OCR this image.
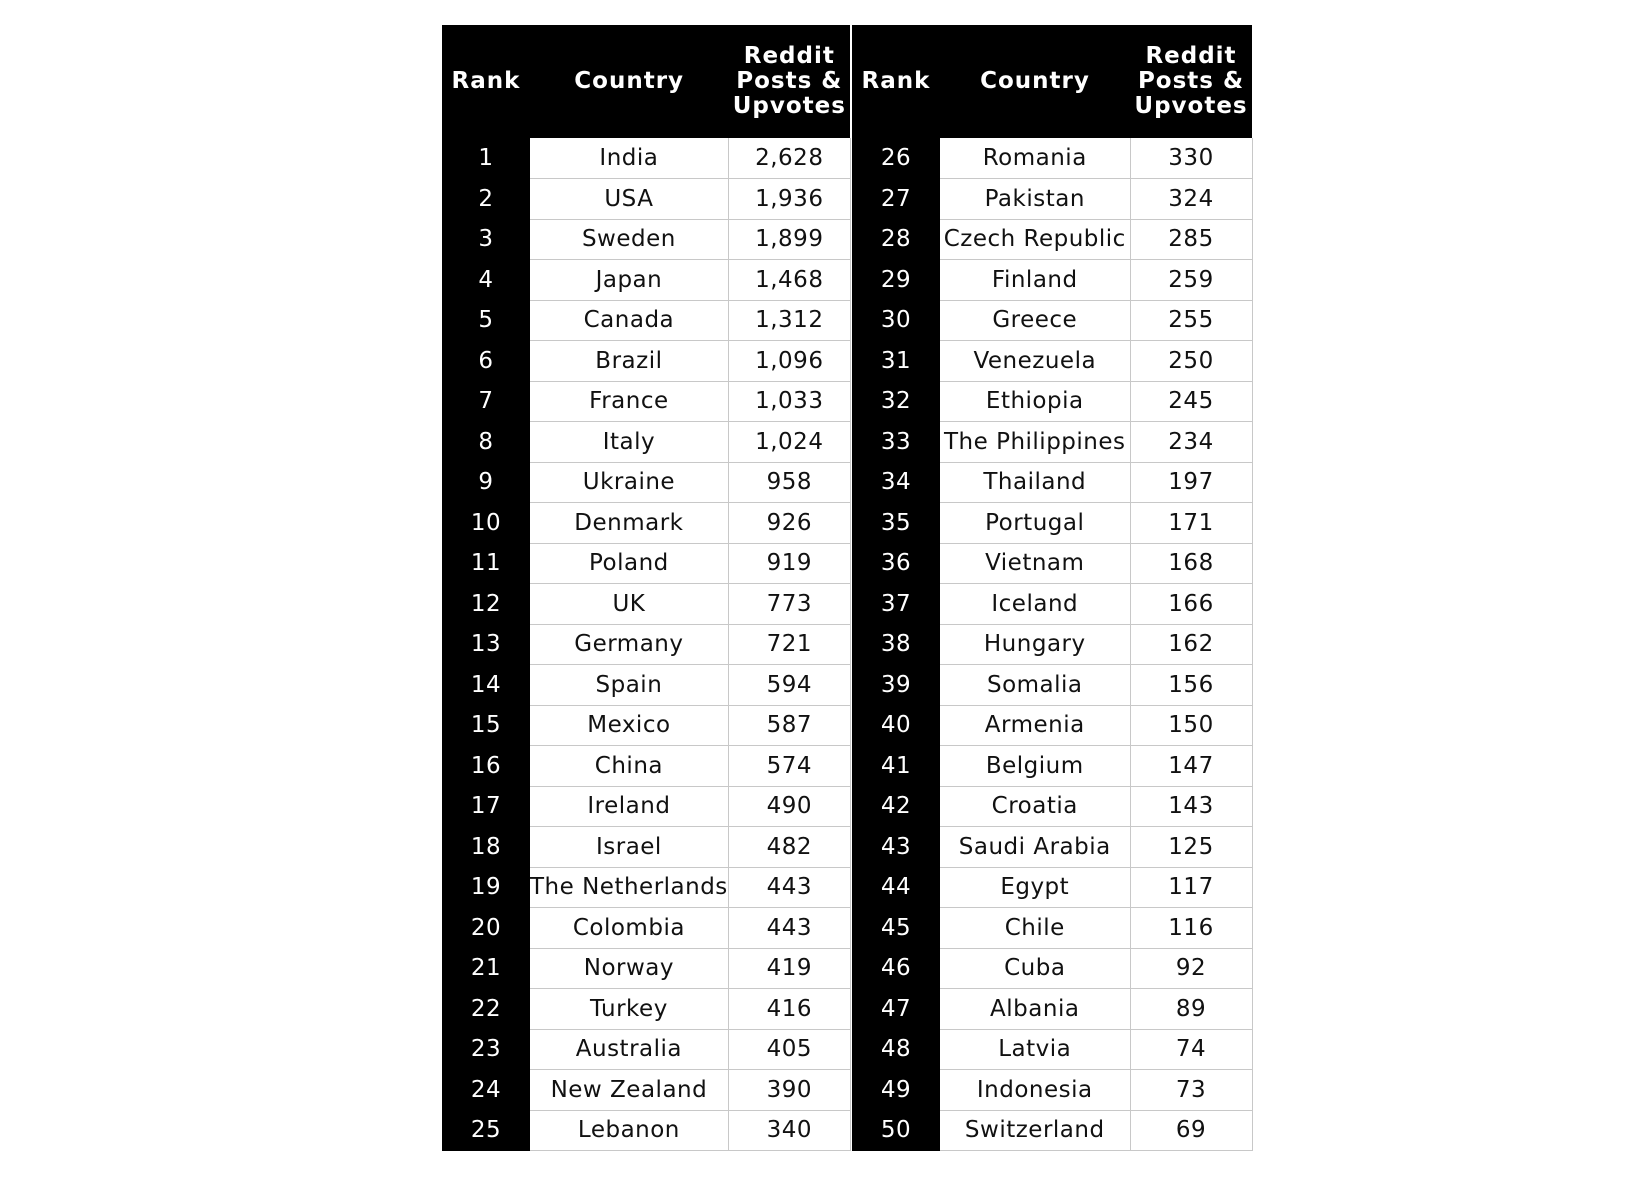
Rank	Country	Reddit
Posts &
Upvotes

1	India	2,628
2	USA	1,936
3	Sweden	1,899
4	Japan	1,468
5	Canada	1,312
6	Brazil	1,096
7	France	1,033
8	Italy	1,024
9	Ukraine	958
10	Denmark	926
11	Poland	919
12	UK	773
13	Germany	721
14	Spain	594
15	Mexico	587
16	China	574
17	Ireland	490
18	Israel	482
19	The Netherlands	443
20	Colombia	443
21	Norway	419
22	Turkey	416
23	Australia	405
24	New Zealand	390
25	Lebanon	340
Rank	Country	Reddit
Posts &
Upvotes

26	Romania	330
27	Pakistan	324
28	Czech Republic	285
29	Finland	259
30	Greece	255
31	Venezuela	250
32	Ethiopia	245
33	The Philippines	234
34	Thailand	197
35	Portugal	171
36	Vietnam	168
37	Iceland	166
38	Hungary	162
39	Somalia	156
40	Armenia	150
41	Belgium	147
42	Croatia	143
43	Saudi Arabia	125
44	Egypt	117
45	Chile	116
46	Cuba	92
47	Albania	89
48	Latvia	74
49	Indonesia	73
50	Switzerland	69
